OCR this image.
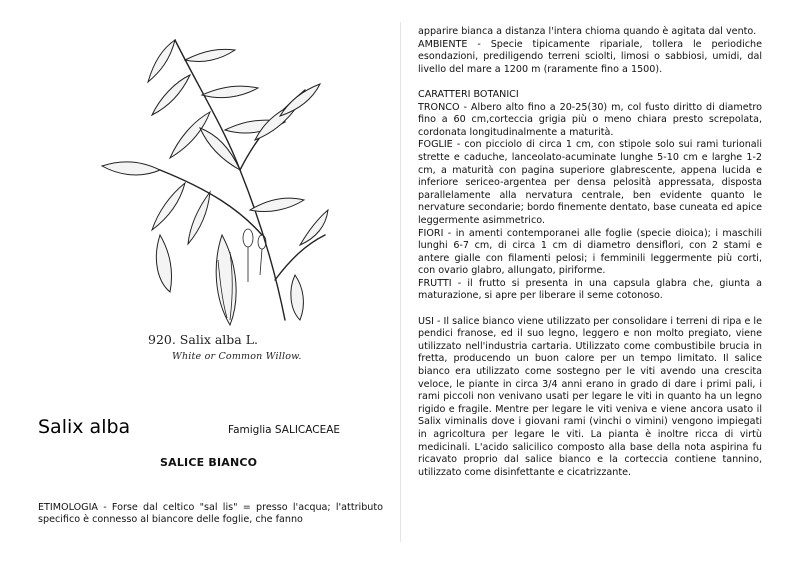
920. Salix alba L.
White or Common Willow.
Salix alba	Famiglia SALICACEAE
SALICE BIANCO

ETIMOLOGIA - Forse dal celtico "sal lis" = presso l'acqua; l'attributo specifico è connesso al biancore delle foglie, che fanno

apparire bianca a distanza l'intera chioma quando è agitata dal vento.

AMBIENTE - Specie tipicamente ripariale, tollera le periodiche esondazioni, prediligendo terreni sciolti, limosi o sabbiosi, umidi, dal livello del mare a 1200 m (raramente fino a 1500).

CARATTERI BOTANICI

TRONCO - Albero alto fino a 20-25(30) m, col fusto diritto di diametro fino a 60 cm,corteccia grigia più o meno chiara presto screpolata, cordonata longitudinalmente a maturità.

FOGLIE - con picciolo di circa 1 cm, con stipole solo sui rami turionali strette e caduche, lanceolato-acuminate lunghe 5-10 cm e larghe 1-2 cm, a maturità con pagina superiore glabrescente, appena lucida e inferiore sericeo-argentea per densa pelosità appressata, disposta parallelamente alla nervatura centrale, ben evidente quanto le nervature secondarie; bordo finemente dentato, base cuneata ed apice leggermente asimmetrico.

FIORI - in amenti contemporanei alle foglie (specie dioica); i maschili lunghi 6-7 cm, di circa 1 cm di diametro densiflori, con 2 stami e antere gialle con filamenti pelosi; i femminili leggermente più corti, con ovario glabro, allungato, piriforme.

FRUTTI - il frutto si presenta in una capsula glabra che, giunta a maturazione, si apre per liberare il seme cotonoso.

USI - Il salice bianco viene utilizzato per consolidare i terreni di ripa e le pendici franose, ed il suo legno, leggero e non molto pregiato, viene utilizzato nell'industria cartaria. Utilizzato come combustibile brucia in fretta, producendo un buon calore per un tempo limitato. Il salice bianco era utilizzato come sostegno per le viti avendo una crescita veloce, le piante in circa 3/4 anni erano in grado di dare i primi pali, i rami piccoli non venivano usati per legare le viti in quanto ha un legno rigido e fragile. Mentre per legare le viti veniva e viene ancora usato il Salix viminalis dove i giovani rami (vinchi o vimini) vengono impiegati in agricoltura per legare le viti. La pianta è inoltre ricca di virtù medicinali. L'acido salicilico composto alla base della nota aspirina fu ricavato proprio dal salice bianco e la corteccia contiene tannino, utilizzato come disinfettante e cicatrizzante.
